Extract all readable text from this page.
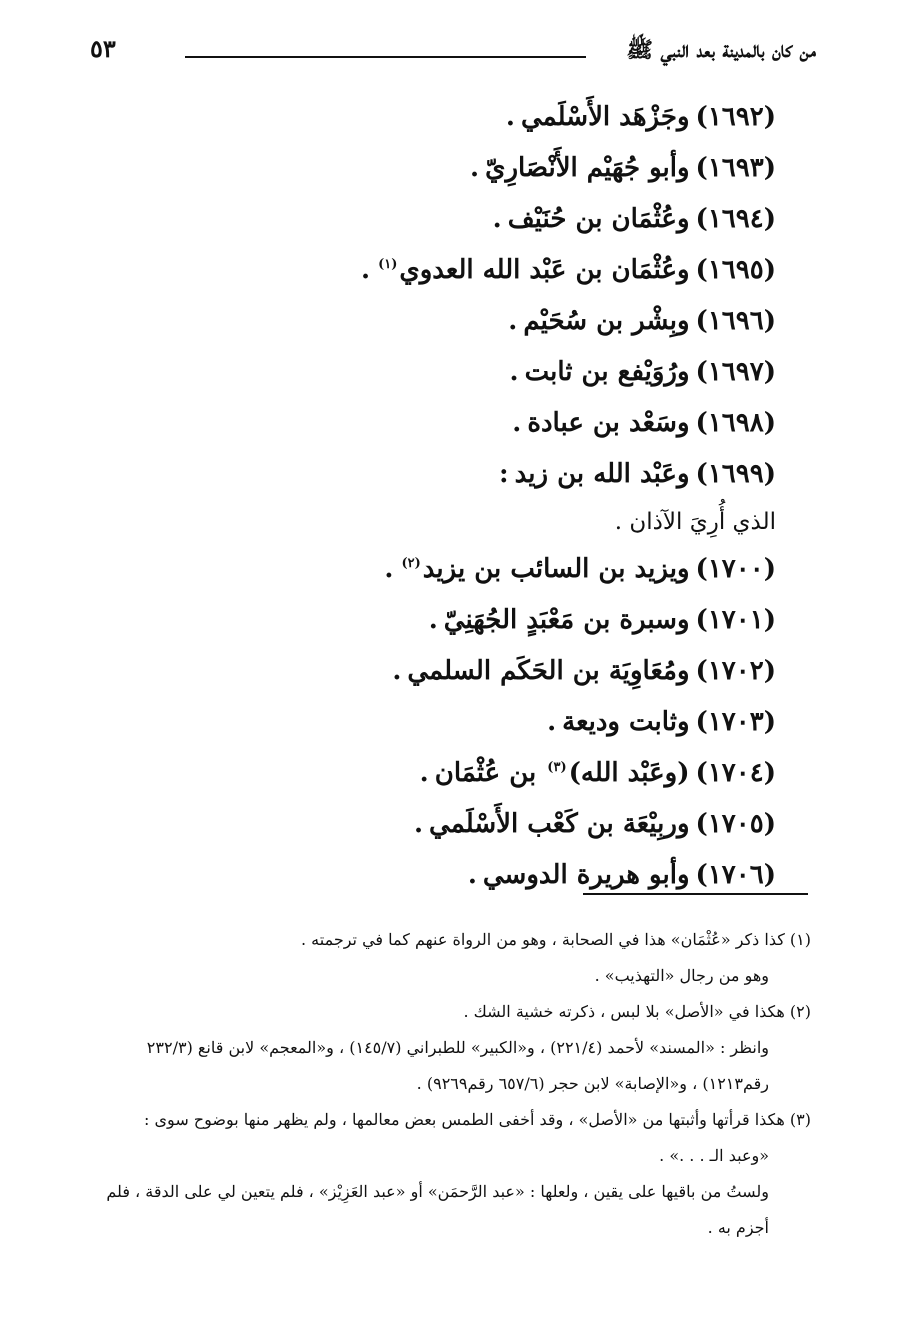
من كان بالمدينة بعد النبي ﷺ
٥٣
(١٦٩٢)وجَزْهَد الأَسْلَمي.
(١٦٩٣)وأبو جُهَيْم الأَنْصَارِيّ.
(١٦٩٤)وعُثْمَان بن حُنَيْف.
(١٦٩٥)وعُثْمَان بن عَبْد الله العدوي$^{(١)}$.
(١٦٩٦)وبِشْر بن سُحَيْم.
(١٦٩٧)ورُوَيْفع بن ثابت.
(١٦٩٨)وسَعْد بن عبادة.
(١٦٩٩)وعَبْد الله بن زيد:
الذي أُرِيَ الآذان .
(١٧٠٠)ويزيد بن السائب بن يزيد$^{(٢)}$.
(١٧٠١)وسبرة بن مَعْبَدٍ الجُهَنِيّ.
(١٧٠٢)ومُعَاوِيَة بن الحَكَم السلمي.
(١٧٠٣)وثابت وديعة.
(١٧٠٤)(وعَبْد الله)$^{(٣)}$ بن عُثْمَان.
(١٧٠٥)وربِيْعَة بن كَعْب الأَسْلَمي.
(١٧٠٦)وأبو هريرة الدوسي.
(١) كذا ذكر «عُثْمَان» هذا في الصحابة ، وهو من الرواة عنهم كما في ترجمته .
وهو من رجال «التهذيب» .
(٢) هكذا في «الأصل» بلا لبس ، ذكرته خشية الشك .
وانظر : «المسند» لأحمد (٢٢١/٤) ، و«الكبير» للطبراني (١٤٥/٧) ، و«المعجم» لابن قانع (٢٣٢/٣
رقم١٢١٣) ، و«الإصابة» لابن حجر (٦٥٧/٦ رقم٩٢٦٩) .
(٣) هكذا قرأتها وأثبتها من «الأصل» ، وقد أخفى الطمس بعض معالمها ، ولم يظهر منها بوضوح سوى :
«وعبد الـ . . .» .
ولستُ من باقيها على يقين ، ولعلها : «عبد الرَّحمَن» أو «عبد العَزِيْز» ، فلم يتعين لي على الدقة ، فلم
أجزم به .
